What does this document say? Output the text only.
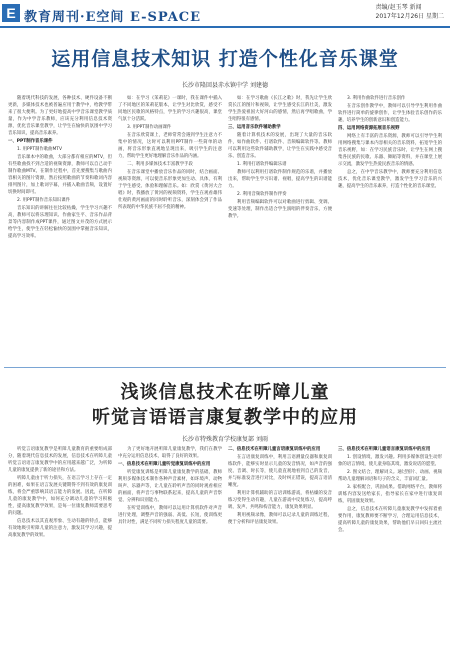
E 教育周刊·E空间 E-SPACE
责编/赵玉琴 新闻
2017年12月26日 星期二
运用信息技术知识 打造个性化音乐课堂
长沙市隆回县赤水镇中学 刘建德

随着现代科技的发展，各种技术、硬件设备不断更新，多媒体技术也被普遍应用于教学中，给教学带来了很大便利。为了更好地提高中学音乐课堂教学质量，作为中学音乐教师，应该充分利用信息技术资源，优化音乐课堂教学，让学生在愉快的氛围中学习音乐知识，提高音乐素养。

一、PPT制作音乐课件

1. 用PPT制作歌曲MTV

音乐课本中的歌曲，大部分都有相应的MTV，但有些歌曲找不到合适的视频资源，教师可以自己动手制作歌曲MTV。在制作过程中，首先要搜集与歌曲内容相关的图片资源，然后按照歌曲的节奏和歌词内容排列图片，加上歌词字幕，并插入歌曲音频，设置好切换时间即可。

2. 用PPT制作音乐知识课件

音乐知识的讲解往往比较枯燥，学生学习兴趣不高，教师可以将乐理知识、作曲家生平、音乐作品背景等内容制作成PPT课件，通过图文并茂的方式展示给学生，使学生在轻松愉快的氛围中掌握音乐知识，提高学习效率。

如：在学习《茉莉花》一课时，我在课件中插入了不同地区的茉莉花版本，让学生对比欣赏，感受不同地区民歌的风格特点，学生的学习兴趣很高，课堂气氛十分活跃。

3. 用PPT制作动画课件

在音乐欣赏课上，老师常常会遇到学生注意力不集中的情况，这时可以利用PPT制作一些简单的动画，将音乐形象直观地呈现出来，吸引学生的注意力，帮助学生更好地理解音乐作品的内涵。

二、利用多媒体技术丰富教学手段

在音乐课堂中播放音乐作品的同时，结合画面、视频等资源，可以使音乐形象更加生动、具体，有利于学生感受、体验和理解音乐。如：欣赏《黄河大合唱》时，我播放了黄河的视频资料，学生在观看雄伟壮观的黄河画面的同时聆听音乐，深刻体会到了作品所表现的中华民族不屈不挠的精神。

如：在学习歌曲《长江之歌》时，我先让学生欣赏长江的图片和视频，让学生感受长江的壮美，激发学生热爱祖国大好河山的感情，然后再学唱歌曲，学生唱得很有感情。

三、运用音乐软件辅助教学

随着计算机技术的发展，出现了大量的音乐软件，如作曲软件、打谱软件、音频编辑软件等。教师可以利用这些软件辅助教学，让学生在实践中感受音乐、创造音乐。

1. 利用打谱软件编辑乐谱

教师可以利用打谱软件制作规范的乐谱，并播放出来，帮助学生学习识谱、视唱，提高学生的识谱能力。

2. 利用音频软件制作伴奏

利用音频编辑软件可以对歌曲进行剪辑、变调、变速等处理，制作出适合学生演唱的伴奏音乐，方便教学。

3. 利用作曲软件进行音乐创作

在音乐创作教学中，教师可以引导学生利用作曲软件进行简单的旋律创作，让学生体验音乐创作的乐趣，培养学生的创新意识和创造能力。

四、运用网络资源拓展音乐视野

网络上有丰富的音乐资源，教师可以引导学生利用网络搜集与课本内容相关的音乐资料，拓宽学生的音乐视野，如：在学习民族音乐时，让学生在网上搜集各民族的民歌、乐器、舞蹈等资料，并在课堂上展示交流，激发学生热爱民族音乐的情感。

总之，在中学音乐教学中，教师要充分利用信息技术，优化音乐课堂教学，激发学生学习音乐的兴趣，提高学生的音乐素养，打造个性化的音乐课堂。

浅谈信息技术在听障儿童
听觉言语语言康复教学中的应用
长沙市特殊教育学校康复部 刘雨

听觉言语康复教学是听障儿童教育的重要组成部分，随着现代信息技术的发展，信息技术在听障儿童听觉言语语言康复教学中的应用越来越广泛，为听障儿童的康复提供了新的途径和方法。

听障儿童由于听力损失，在语言学习上存在一定的困难，如果在语言发展关键期得不到有效的康复训练，将会严重影响其语言能力的发展。因此，在听障儿童的康复教学中，如何充分调动儿童的学习积极性，提高康复教学效果，是每一位康复教师需要思考的问题。

信息技术以其直观形象、生动有趣的特点，能够有效地吸引听障儿童的注意力，激发其学习兴趣，提高康复教学的效果。

为了更好地开展听障儿童康复教学，我们在教学中充分运用信息技术，取得了良好的效果。

一、信息技术在听障儿童听觉康复训练中的应用

听觉康复训练是听障儿童康复教学的基础，教师利用多媒体技术制作各种声音素材，如环境声、动物叫声、乐器声等，让儿童在聆听声音的同时观看相应的画面，将声音与事物联系起来，提高儿童的声音察觉、分辨和识别能力。

在听觉训练中，教师可以运用计算机软件对声音进行处理，调整声音的强弱、高低、长短，使训练更具针对性，满足不同听力损失程度儿童的需要。

二、信息技术在听障儿童言语康复训练中的应用

在言语康复训练中，利用言语测量仪器和康复训练软件，能够实时显示儿童的发音情况，如声音的强度、音调、时长等，使儿童直观地看到自己的发音，并与标准发音进行对比，及时纠正错误，提高言语清晰度。

利用计算机辅助的言语训练游戏，将枯燥的发音练习变得生动有趣，儿童在游戏中反复练习，提高呼吸、发声、共鸣和构音能力，康复效果明显。

利用视频录像，教师可以记录儿童的训练过程，便于分析和评估康复效果。

三、信息技术在听障儿童语言康复训练中的应用

1. 创设情境，激发兴趣。利用多媒体创设生动形象的语言情境，使儿童身临其境，激发说话的愿望。

2. 图文结合，理解词义。通过图片、动画、视频帮助儿童理解词语和句子的含义，丰富词汇量。

3. 家校配合，巩固成果。借助网络平台，教师将训练内容发送给家长，指导家长在家中进行康复训练，巩固康复效果。

总之，信息技术在听障儿童康复教学中发挥着重要作用，康复教师要不断学习，合理运用信息技术，提高听障儿童的康复效果，帮助他们早日回归主流社会。
